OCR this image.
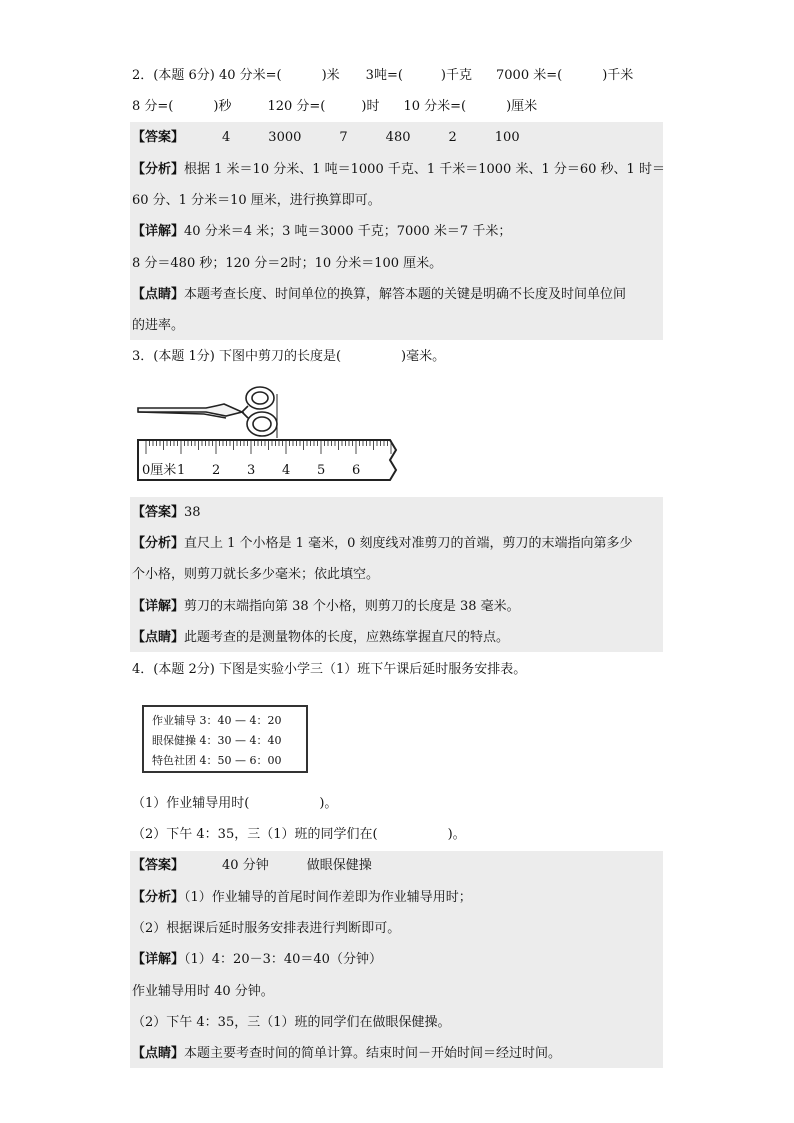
2．(本题 6分) 40 分米=(	)米 3吨=(	)千克 7000 米=(	)千米
8 分=(	)秒	120 分=(	)时 10 分米=(	)厘米
【答案】	4	3000	7	480	2	100
【分析】根据 1 米＝10 分米、1 吨＝1000 千克、1 千米＝1000 米、1 分＝60 秒、1 时＝
60 分、1 分米＝10 厘米，进行换算即可。
【详解】40 分米＝4 米；3 吨＝3000 千克；7000 米＝7 千米；
8 分＝480 秒；120 分＝2时；10 分米＝100 厘米。
【点睛】本题考查长度、时间单位的换算，解答本题的关键是明确不长度及时间单位间
的进率。
3．(本题 1分) 下图中剪刀的长度是(	)毫米。
0厘米 1 2 3 4 5 6
【答案】38
【分析】直尺上 1 个小格是 1 毫米，0 刻度线对准剪刀的首端，剪刀的末端指向第多少
个小格，则剪刀就长多少毫米；依此填空。
【详解】剪刀的末端指向第 38 个小格，则剪刀的长度是 38 毫米。
【点睛】此题考查的是测量物体的长度，应熟练掌握直尺的特点。
4．(本题 2分) 下图是实验小学三（1）班下午课后延时服务安排表。
作业辅导 3：40 — 4：20
眼保健操 4：30 — 4：40
特色社团 4：50 — 6：00
（1）作业辅导用时(	)。
（2）下午 4：35，三（1）班的同学们在(	)。
【答案】	40 分钟	做眼保健操
【分析】（1）作业辅导的首尾时间作差即为作业辅导用时；
（2）根据课后延时服务安排表进行判断即可。
【详解】（1）4：20－3：40＝40（分钟）
作业辅导用时 40 分钟。
（2）下午 4：35，三（1）班的同学们在做眼保健操。
【点睛】本题主要考查时间的简单计算。结束时间－开始时间＝经过时间。
